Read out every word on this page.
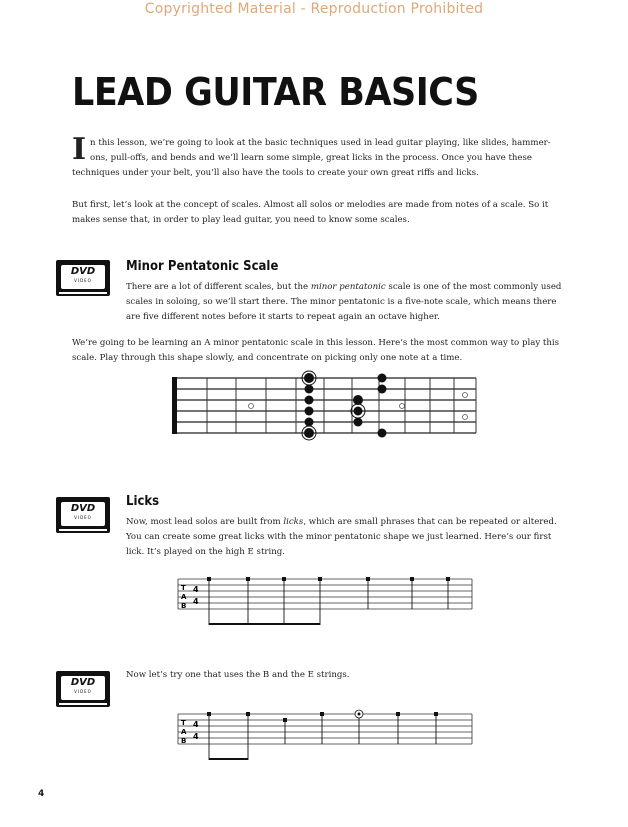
Copyrighted Material - Reproduction Prohibited
LEAD GUITAR BASICS

I n this lesson, we’re going to look at the basic techniques used in lead guitar playing, like slides, hammer-ons, pull-offs, and bends and we’ll learn some simple, great licks in the process. Once you have these techniques under your belt, you’ll also have the tools to create your own great riffs and licks.

But first, let’s look at the concept of scales. Almost all solos or melodies are made from notes of a scale. So it makes sense that, in order to play lead guitar, you need to know some scales.

DVD
VIDEO
Minor Pentatonic Scale

There are a lot of different scales, but the minor pentatonic scale is one of the most commonly used scales in soloing, so we’ll start there. The minor pentatonic is a five-note scale, which means there are five different notes before it starts to repeat again an octave higher.

We’re going to be learning an A minor pentatonic scale in this lesson. Here’s the most common way to play this scale. Play through this shape slowly, and concentrate on picking only one note at a time.

DVD
VIDEO
Licks

Now, most lead solos are built from licks, which are small phrases that can be repeated or altered. You can create some great licks with the minor pentatonic shape we just learned. Here’s our first lick. It’s played on the high E string.

T
A
B
4
4
DVD
VIDEO

Now let’s try one that uses the B and the E strings.

T
A
B
4
4
4
